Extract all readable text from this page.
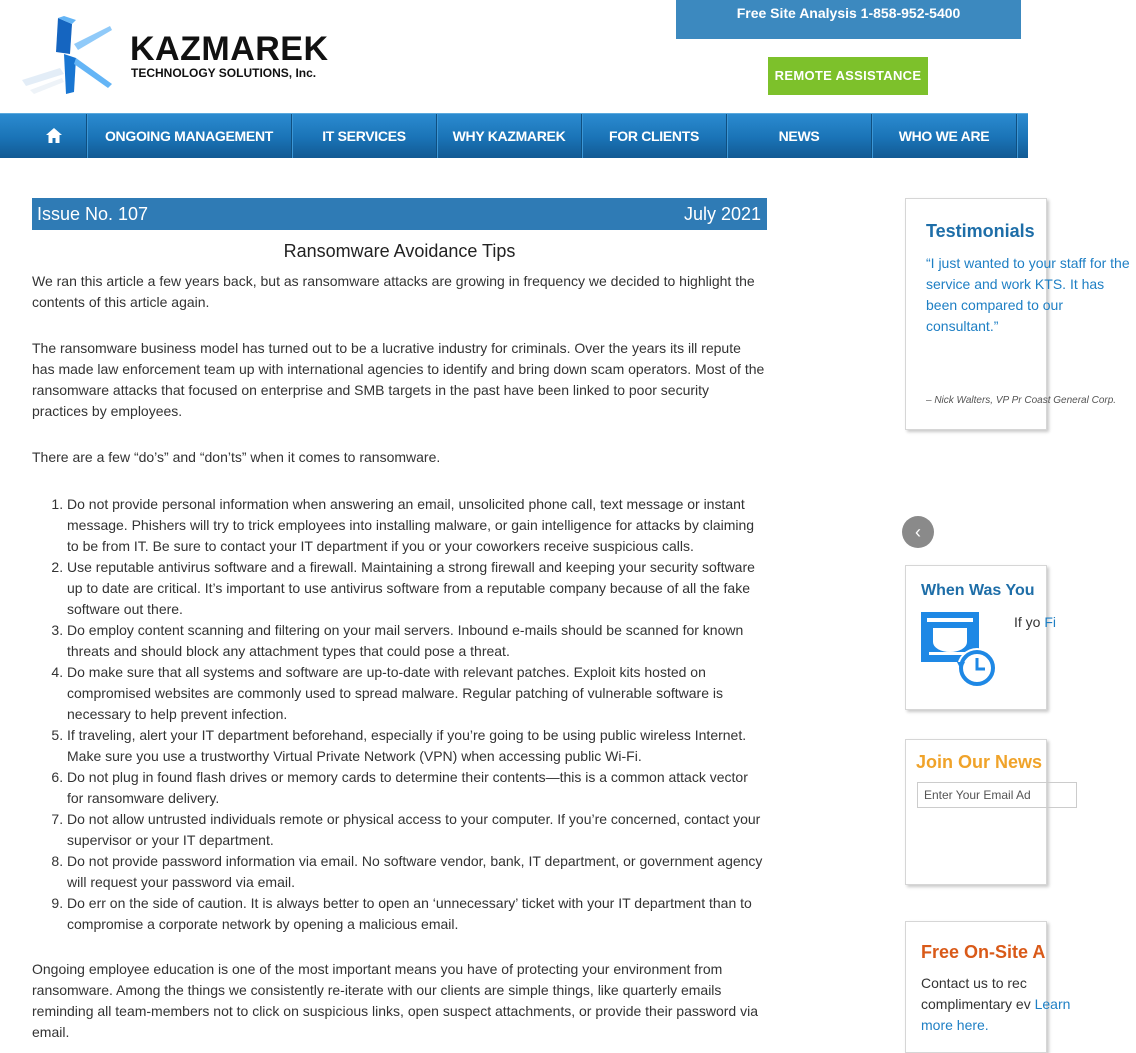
KAZMAREK
TECHNOLOGY SOLUTIONS, Inc.
Free Site Analysis 1-858-952-5400
REMOTE ASSISTANCE
ONGOING MANAGEMENT	IT SERVICES	WHY KAZMAREK	FOR CLIENTS	NEWS	WHO WE ARE
Issue No. 107	July 2021
Ransomware Avoidance Tips

We ran this article a few years back, but as ransomware attacks are growing in frequency we decided to highlight the contents of this article again.

The ransomware business model has turned out to be a lucrative industry for criminals. Over the years its ill repute has made law enforcement team up with international agencies to identify and bring down scam operators. Most of the ransomware attacks that focused on enterprise and SMB targets in the past have been linked to poor security practices by employees.

There are a few “do’s” and “don’ts” when it comes to ransomware.

1. Do not provide personal information when answering an email, unsolicited phone call, text message or instant message. Phishers will try to trick employees into installing malware, or gain intelligence for attacks by claiming to be from IT. Be sure to contact your IT department if you or your coworkers receive suspicious calls.
2. Use reputable antivirus software and a firewall. Maintaining a strong firewall and keeping your security software up to date are critical. It’s important to use antivirus software from a reputable company because of all the fake software out there.
3. Do employ content scanning and filtering on your mail servers. Inbound e-mails should be scanned for known threats and should block any attachment types that could pose a threat.
4. Do make sure that all systems and software are up-to-date with relevant patches. Exploit kits hosted on compromised websites are commonly used to spread malware. Regular patching of vulnerable software is necessary to help prevent infection.
5. If traveling, alert your IT department beforehand, especially if you’re going to be using public wireless Internet. Make sure you use a trustworthy Virtual Private Network (VPN) when accessing public Wi-Fi.
6. Do not plug in found flash drives or memory cards to determine their contents—this is a common attack vector for ransomware delivery.
7. Do not allow untrusted individuals remote or physical access to your computer. If you’re concerned, contact your supervisor or your IT department.
8. Do not provide password information via email. No software vendor, bank, IT department, or government agency will request your password via email.
9. Do err on the side of caution. It is always better to open an ‘unnecessary’ ticket with your IT department than to compromise a corporate network by opening a malicious email.

Ongoing employee education is one of the most important means you have of protecting your environment from ransomware. Among the things we consistently re-iterate with our clients are simple things, like quarterly emails reminding all team-members not to click on suspicious links, open suspect attachments, or provide their password via email.

Testimonials
“I just wanted to your staff for the service and work KTS. It has been compared to our consultant.”
– Nick Walters, VP Pr Coast General Corp.
‹
When Was You
If yo Fi
Join Our News
Enter Your Email Ad
Free On-Site A
Contact us to rec complimentary ev Learn more here.
